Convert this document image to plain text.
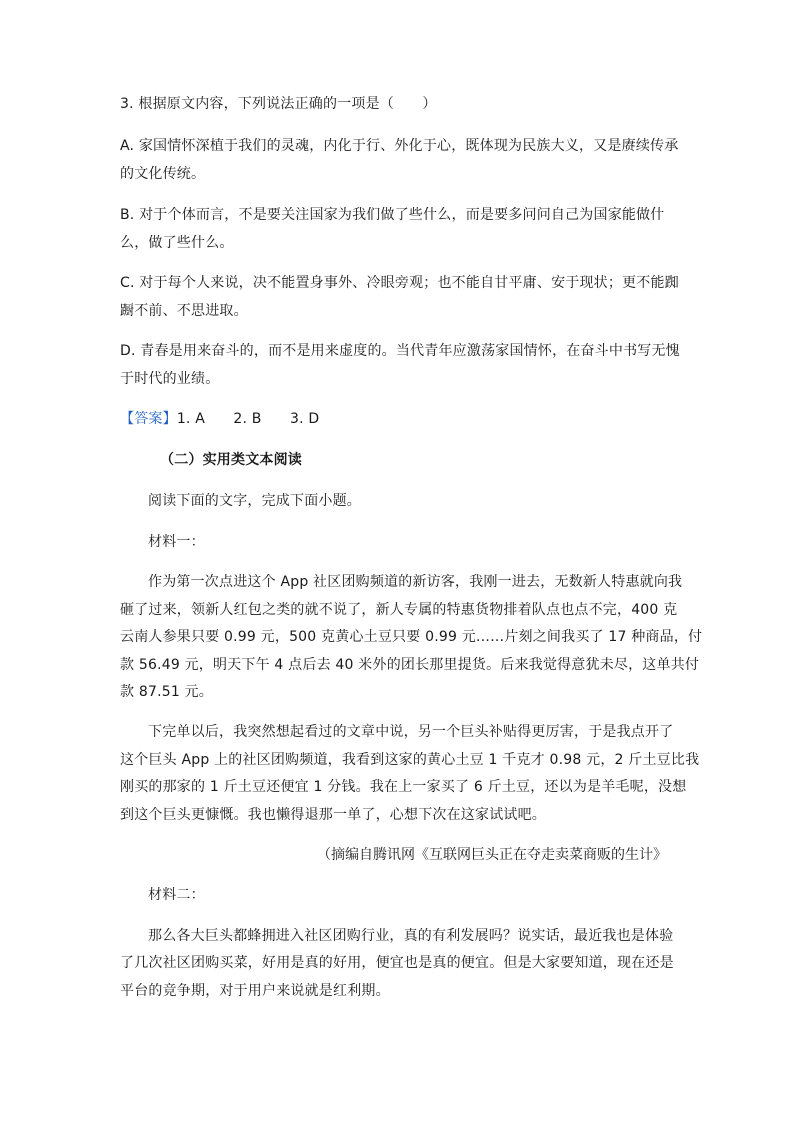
3. 根据原文内容，下列说法正确的一项是（　　）
A. 家国情怀深植于我们的灵魂，内化于行、外化于心，既体现为民族大义，又是赓续传承
的文化传统。
B. 对于个体而言，不是要关注国家为我们做了些什么，而是要多问问自己为国家能做什
么，做了些什么。
C. 对于每个人来说，决不能置身事外、冷眼旁观；也不能自甘平庸、安于现状；更不能踟
蹰不前、不思进取。
D. 青春是用来奋斗的，而不是用来虚度的。当代青年应激荡家国情怀，在奋斗中书写无愧
于时代的业绩。
【答案】1. A　　2. B　　3. D
（二）实用类文本阅读
阅读下面的文字，完成下面小题。
材料一：
作为第一次点进这个 App 社区团购频道的新访客，我刚一进去，无数新人特惠就向我
砸了过来，领新人红包之类的就不说了，新人专属的特惠货物排着队点也点不完，400 克
云南人参果只要 0.99 元，500 克黄心土豆只要 0.99 元……片刻之间我买了 17 种商品，付
款 56.49 元，明天下午 4 点后去 40 米外的团长那里提货。后来我觉得意犹未尽，这单共付
款 87.51 元。
下完单以后，我突然想起看过的文章中说，另一个巨头补贴得更厉害，于是我点开了
这个巨头 App 上的社区团购频道，我看到这家的黄心土豆 1 千克才 0.98 元，2 斤土豆比我
刚买的那家的 1 斤土豆还便宜 1 分钱。我在上一家买了 6 斤土豆，还以为是羊毛呢，没想
到这个巨头更慷慨。我也懒得退那一单了，心想下次在这家试试吧。
（摘编自腾讯网《互联网巨头正在夺走卖菜商贩的生计》
材料二：
那么各大巨头都蜂拥进入社区团购行业，真的有利发展吗？说实话，最近我也是体验
了几次社区团购买菜，好用是真的好用，便宜也是真的便宜。但是大家要知道，现在还是
平台的竞争期，对于用户来说就是红利期。
